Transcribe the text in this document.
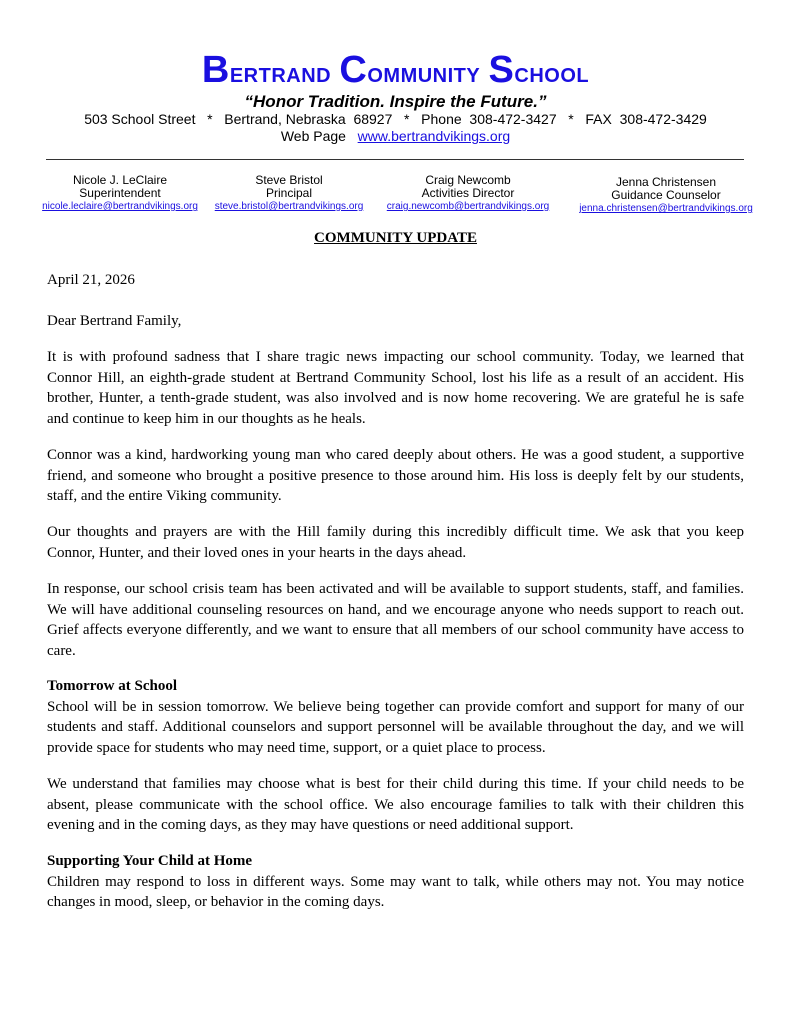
Bertrand Community School
“Honor Tradition. Inspire the Future.”
503 School Street   *   Bertrand, Nebraska  68927   *   Phone  308-472-3427   *   FAX  308-472-3429
Web Page   www.bertrandvikings.org
Nicole J. LeClaire
Superintendent
nicole.leclaire@bertrandvikings.org
Steve Bristol
Principal
steve.bristol@bertrandvikings.org
Craig Newcomb
Activities Director
craig.newcomb@bertrandvikings.org
Jenna Christensen
Guidance Counselor
jenna.christensen@bertrandvikings.org
COMMUNITY UPDATE

April 21, 2026

Dear Bertrand Family,

It is with profound sadness that I share tragic news impacting our school community. Today, we learned that Connor Hill, an eighth-grade student at Bertrand Community School, lost his life as a result of an accident. His brother, Hunter, a tenth-grade student, was also involved and is now home recovering. We are grateful he is safe and continue to keep him in our thoughts as he heals.

Connor was a kind, hardworking young man who cared deeply about others. He was a good student, a supportive friend, and someone who brought a positive presence to those around him. His loss is deeply felt by our students, staff, and the entire Viking community.

Our thoughts and prayers are with the Hill family during this incredibly difficult time. We ask that you keep Connor, Hunter, and their loved ones in your hearts in the days ahead.

In response, our school crisis team has been activated and will be available to support students, staff, and families. We will have additional counseling resources on hand, and we encourage anyone who needs support to reach out. Grief affects everyone differently, and we want to ensure that all members of our school community have access to care.

Tomorrow at School

School will be in session tomorrow. We believe being together can provide comfort and support for many of our students and staff. Additional counselors and support personnel will be available throughout the day, and we will provide space for students who may need time, support, or a quiet place to process.

We understand that families may choose what is best for their child during this time. If your child needs to be absent, please communicate with the school office. We also encourage families to talk with their children this evening and in the coming days, as they may have questions or need additional support.

Supporting Your Child at Home

Children may respond to loss in different ways. Some may want to talk, while others may not. You may notice changes in mood, sleep, or behavior in the coming days.
